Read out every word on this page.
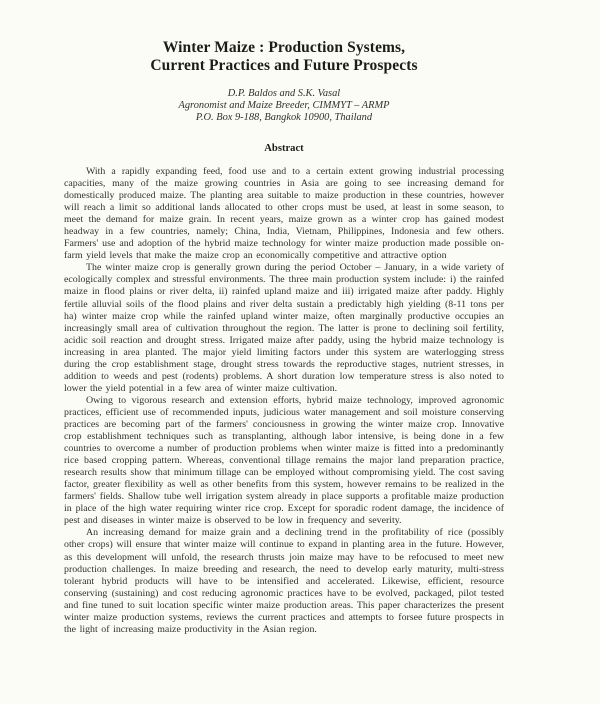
Winter Maize : Production Systems,
Current Practices and Future Prospects
D.P. Baldos and S.K. Vasal
Agronomist and Maize Breeder, CIMMYT – ARMP
P.O. Box 9-188, Bangkok 10900, Thailand
Abstract

With a rapidly expanding feed, food use and to a certain extent growing industrial processing capacities, many of the maize growing countries in Asia are going to see increasing demand for domestically produced maize. The planting area suitable to maize production in these countries, however will reach a limit so additional lands allocated to other crops must be used, at least in some season, to meet the demand for maize grain. In recent years, maize grown as a winter crop has gained modest headway in a few countries, namely; China, India, Vietnam, Philippines, Indonesia and few others. Farmers' use and adoption of the hybrid maize technology for winter maize production made possible on-farm yield levels that make the maize crop an economically competitive and attractive option

The winter maize crop is generally grown during the period October – January, in a wide variety of ecologically complex and stressful environments. The three main production system include: i) the rainfed maize in flood plains or river delta, ii) rainfed upland maize and iii) irrigated maize after paddy. Highly fertile alluvial soils of the flood plains and river delta sustain a predictably high yielding (8-11 tons per ha) winter maize crop while the rainfed upland winter maize, often marginally productive occupies an increasingly small area of cultivation throughout the region. The latter is prone to declining soil fertility, acidic soil reaction and drought stress. Irrigated maize after paddy, using the hybrid maize technology is increasing in area planted. The major yield limiting factors under this system are waterlogging stress during the crop establishment stage, drought stress towards the reproductive stages, nutrient stresses, in addition to weeds and pest (rodents) problems. A short duration low temperature stress is also noted to lower the yield potential in a few area of winter maize cultivation.

Owing to vigorous research and extension efforts, hybrid maize technology, improved agronomic practices, efficient use of recommended inputs, judicious water management and soil moisture conserving practices are becoming part of the farmers' conciousness in growing the winter maize crop. Innovative crop establishment techniques such as transplanting, although labor intensive, is being done in a few countries to overcome a number of production problems when winter maize is fitted into a predominantly rice based cropping pattern. Whereas, conventional tillage remains the major land preparation practice, research results show that minimum tillage can be employed without compromising yield. The cost saving factor, greater flexibility as well as other benefits from this system, however remains to be realized in the farmers' fields. Shallow tube well irrigation system already in place supports a profitable maize production in place of the high water requiring winter rice crop. Except for sporadic rodent damage, the incidence of pest and diseases in winter maize is observed to be low in frequency and severity.

An increasing demand for maize grain and a declining trend in the profitability of rice (possibly other crops) will ensure that winter maize will continue to expand in planting area in the future. However, as this development will unfold, the research thrusts join maize may have to be refocused to meet new production challenges. In maize breeding and research, the need to develop early maturity, multi-stress tolerant hybrid products will have to be intensified and accelerated. Likewise, efficient, resource conserving (sustaining) and cost reducing agronomic practices have to be evolved, packaged, pilot tested and fine tuned to suit location specific winter maize production areas. This paper characterizes the present winter maize production systems, reviews the current practices and attempts to forsee future prospects in the light of increasing maize productivity in the Asian region.
